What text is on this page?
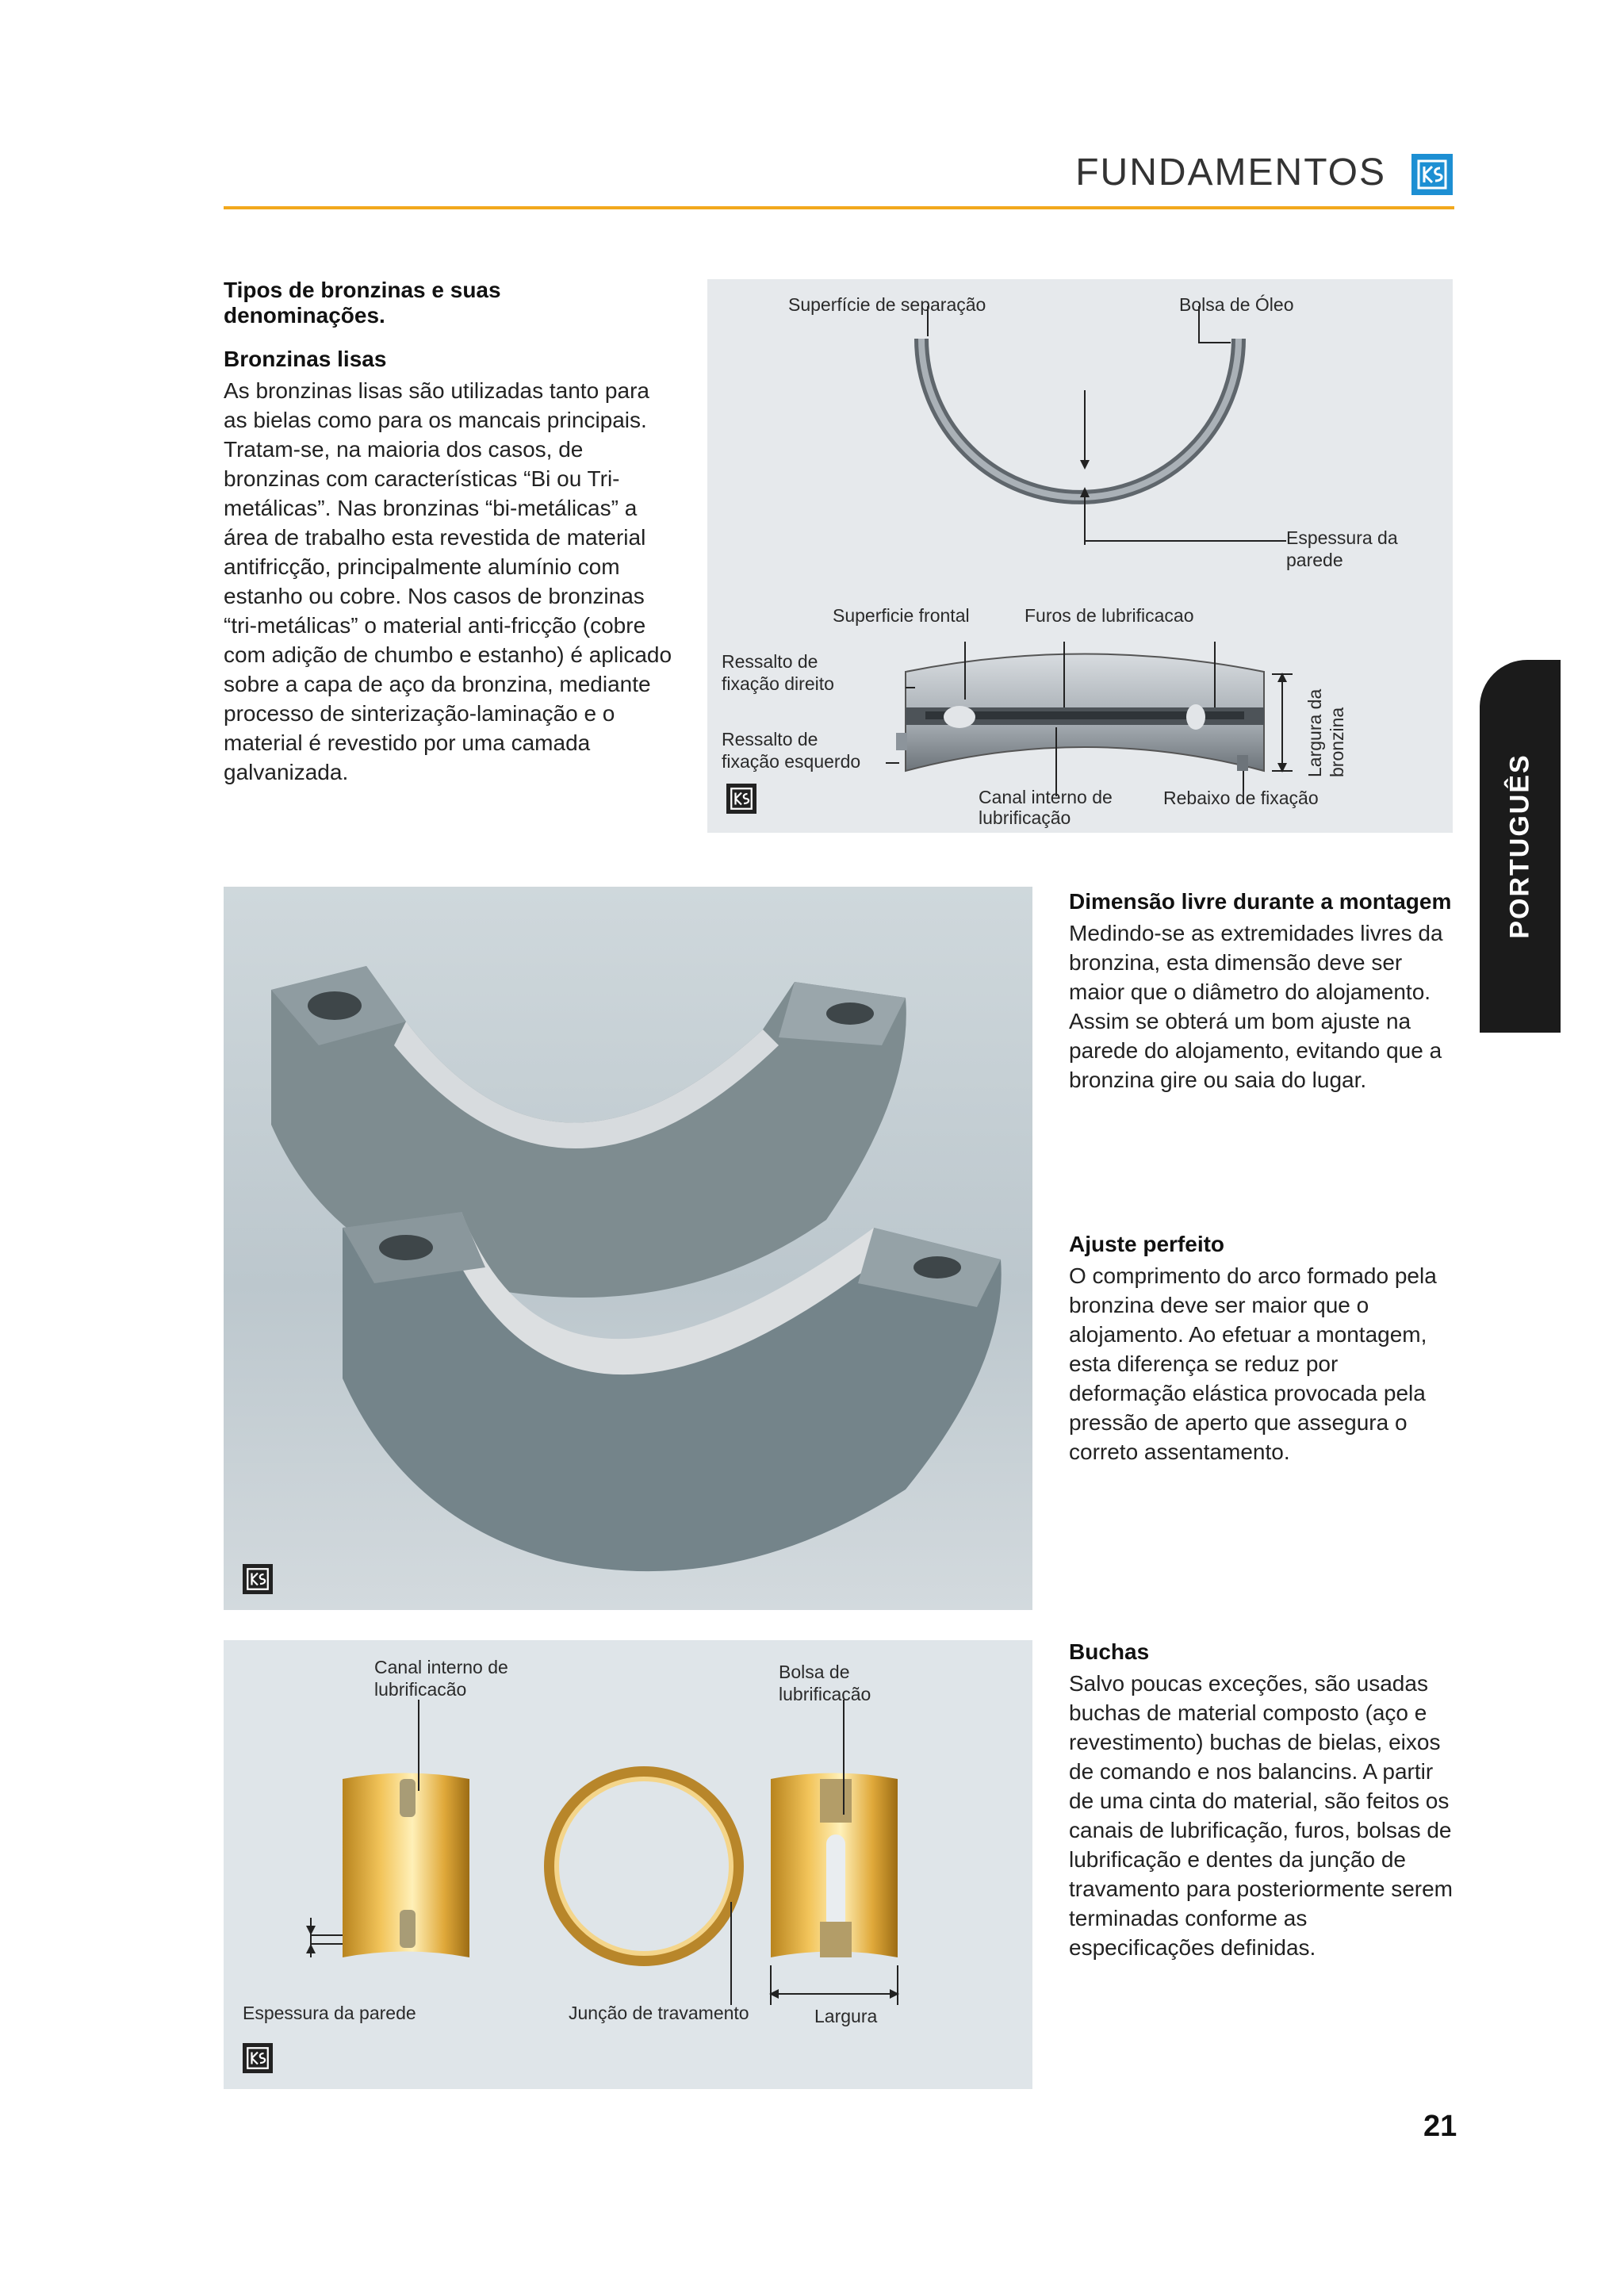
FUNDAMENTOS
PORTUGUÊS
Tipos de bronzinas e suas denominações.
Bronzinas lisas
As bronzinas lisas são utilizadas tanto para as bielas como para os mancais principais. Tratam-se, na maioria dos casos, de bronzinas com características “Bi ou Tri-metálicas”. Nas bronzinas “bi-metálicas” a área de trabalho esta revestida de material antifricção, principalmente alumínio com estanho ou cobre. Nos casos de bronzinas “tri-metálicas” o material anti-fricção (cobre com adição de chumbo e estanho) é aplicado sobre a capa de aço da bronzina, mediante processo de sinterização-laminação e o material é revestido por uma camada galvanizada.
Superfície de separação	Bolsa de Óleo
Espessura da parede
Superficie frontal	Furos de lubrificacao
Ressalto de fixação direito
Ressalto de fixação esquerdo
Canal interno de lubrificação
Rebaixo de fixação
Largura da bronzina
Dimensão livre durante a montagem
Medindo-se as extremidades livres da bronzina, esta dimensão deve ser maior que o diâmetro do alojamento. Assim se obterá um bom ajuste na parede do alojamento, evitando que a bronzina gire ou saia do lugar.
Ajuste perfeito
O comprimento do arco formado pela bronzina deve ser maior que o alojamento. Ao efetuar a montagem, esta diferença se reduz por deformação elástica provocada pela pressão de aperto que assegura o correto assentamento.
Buchas
Salvo poucas exceções, são usadas buchas de material composto (aço e revestimento) buchas de bielas, eixos de comando e nos balancins. A partir de uma cinta do material, são feitos os canais de lubrificação, furos, bolsas de lubrificação e dentes da junção de travamento para posteriormente serem terminadas conforme as especificações definidas.
Canal interno de lubrificacão
Bolsa de lubrificacão
Espessura da parede	Junção de travamento	Largura
21
